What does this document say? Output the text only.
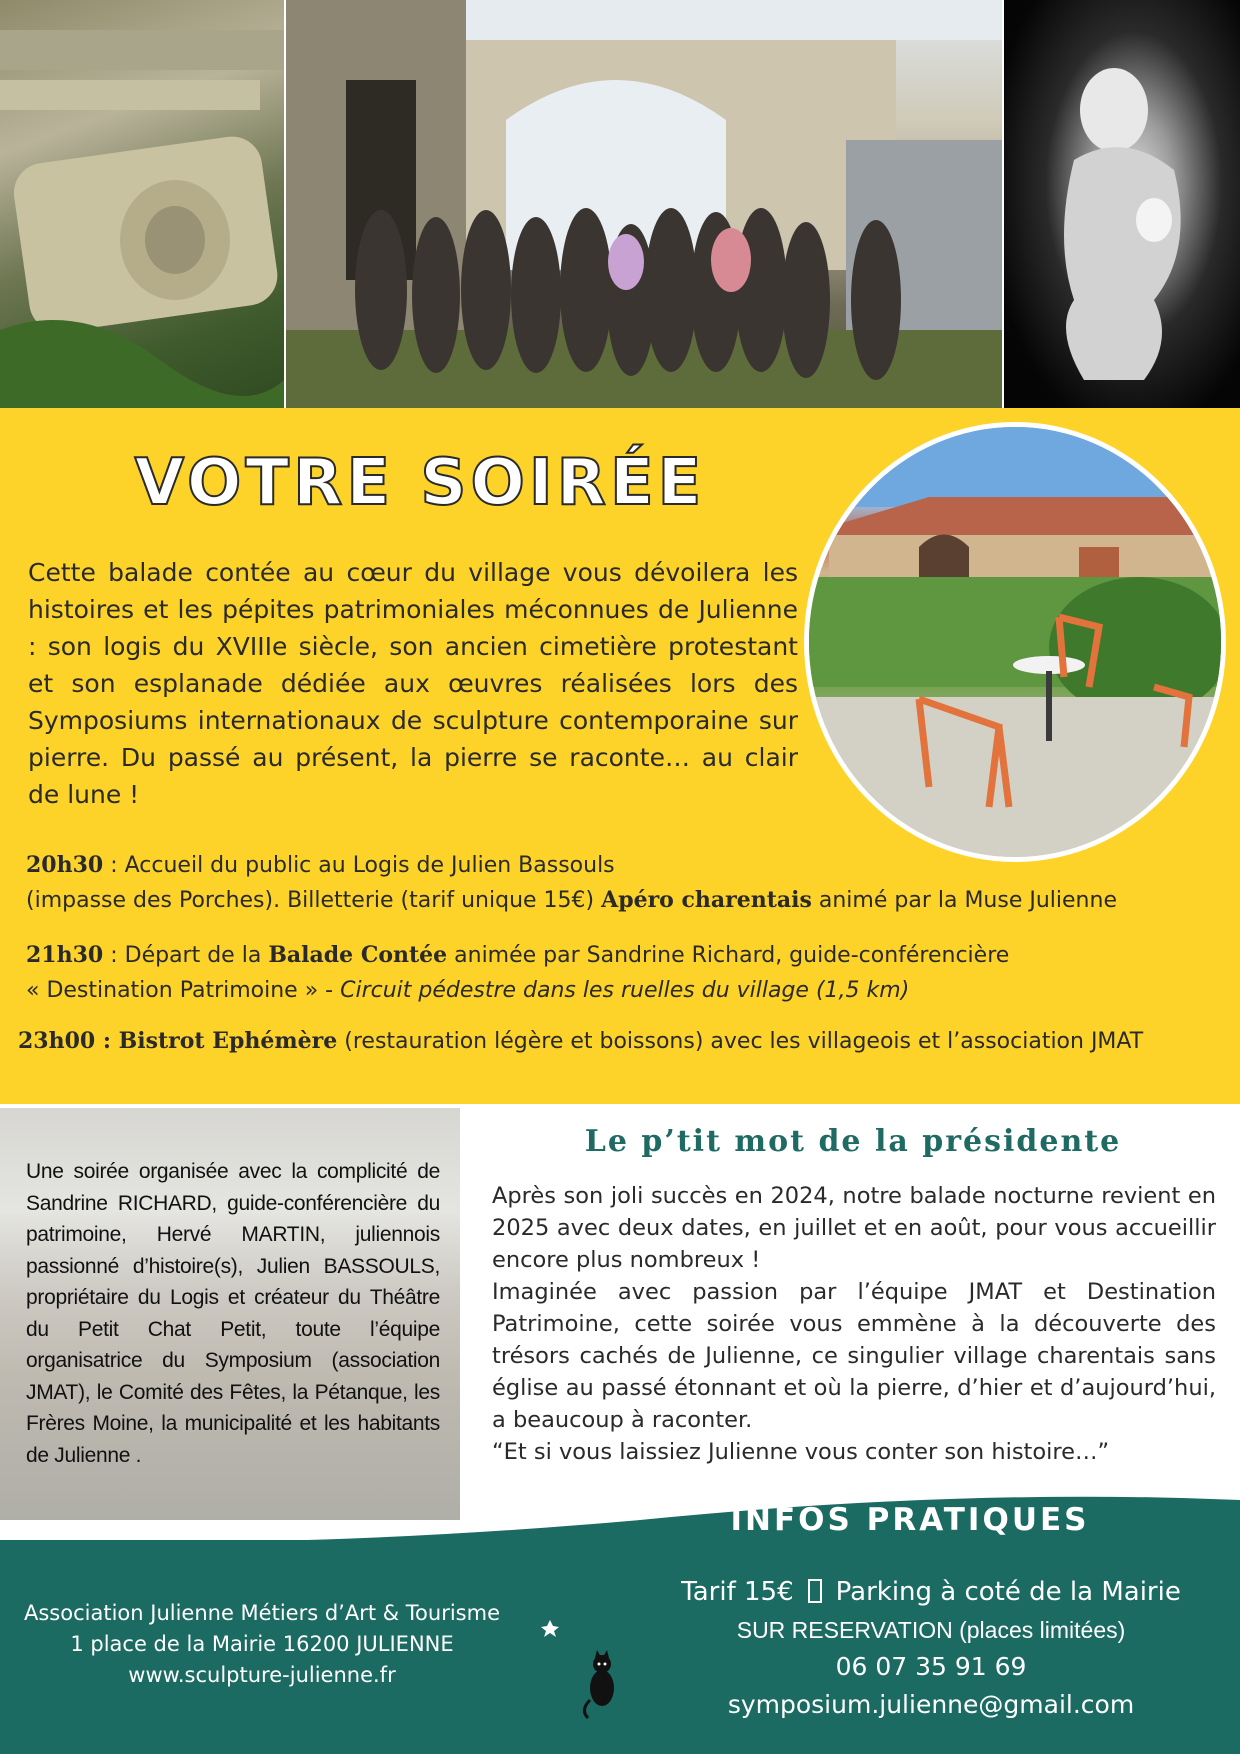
VOTRE SOIRÉE

Cette balade contée au cœur du village vous dévoilera les histoires et les pépites patrimoniales méconnues de Julienne : son logis du XVIIIe siècle, son ancien cimetière protestant et son esplanade dédiée aux œuvres réalisées lors des Symposiums internationaux de sculpture contemporaine sur pierre. Du passé au présent, la pierre se raconte… au clair de lune !

20h30 : Accueil du public au Logis de Julien Bassouls
(impasse des Porches). Billetterie (tarif unique 15€) Apéro charentais animé par la Muse Julienne
21h30 : Départ de la Balade Contée animée par Sandrine Richard, guide-conférencière
« Destination Patrimoine » - Circuit pédestre dans les ruelles du village (1,5 km)
23h00 : Bistrot Ephémère (restauration légère et boissons) avec les villageois et l’association JMAT

Une soirée organisée avec la complicité de Sandrine RICHARD, guide-conférencière du patrimoine, Hervé MARTIN, juliennois passionné d’histoire(s), Julien BASSOULS, propriétaire du Logis et créateur du Théâtre du Petit Chat Petit, toute l’équipe organisatrice du Symposium (association JMAT), le Comité des Fêtes, la Pétanque, les Frères Moine, la municipalité et les habitants de Julienne .

Le p’tit mot de la présidente

Après son joli succès en 2024, notre balade nocturne revient en 2025 avec deux dates, en juillet et en août, pour vous accueillir encore plus nombreux !

Imaginée avec passion par l’équipe JMAT et Destination Patrimoine, cette soirée vous emmène à la découverte des trésors cachés de Julienne, ce singulier village charentais sans église au passé étonnant et où la pierre, d’hier et d’aujourd’hui, a beaucoup à raconter.

“Et si vous laissiez Julienne vous conter son histoire…”

INFOS PRATIQUES
Association Julienne Métiers d’Art & Tourisme
1 place de la Mairie 16200 JULIENNE
www.sculpture-julienne.fr
Tarif 15€ Parking à coté de la Mairie
SUR RESERVATION (places limitées)
06 07 35 91 69
symposium.julienne@gmail.com
